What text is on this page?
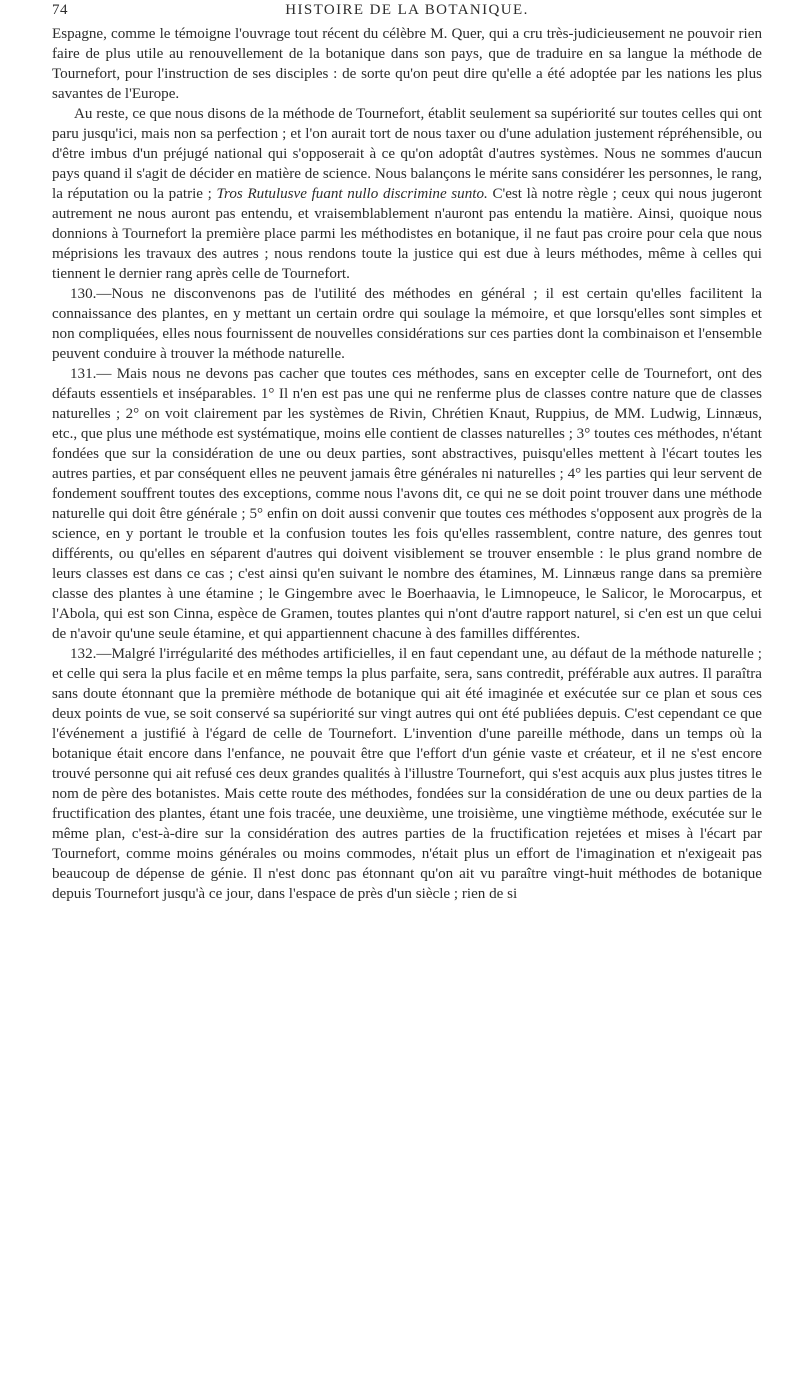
74	HISTOIRE DE LA BOTANIQUE.

Espagne, comme le témoigne l'ouvrage tout récent du célèbre M. Quer, qui a cru très-judicieusement ne pouvoir rien faire de plus utile au renouvellement de la botanique dans son pays, que de traduire en sa langue la méthode de Tournefort, pour l'instruction de ses disciples : de sorte qu'on peut dire qu'elle a été adoptée par les nations les plus savantes de l'Europe.

Au reste, ce que nous disons de la méthode de Tournefort, établit seulement sa supériorité sur toutes celles qui ont paru jusqu'ici, mais non sa perfection ; et l'on aurait tort de nous taxer ou d'une adulation justement répréhensible, ou d'être imbus d'un préjugé national qui s'opposerait à ce qu'on adoptât d'autres systèmes. Nous ne sommes d'aucun pays quand il s'agit de décider en matière de science. Nous balançons le mérite sans considérer les personnes, le rang, la réputation ou la patrie ; Tros Rutulusve fuant nullo discrimine sunto. C'est là notre règle ; ceux qui nous jugeront autrement ne nous auront pas entendu, et vraisemblablement n'auront pas entendu la matière. Ainsi, quoique nous donnions à Tournefort la première place parmi les méthodistes en botanique, il ne faut pas croire pour cela que nous méprisions les travaux des autres ; nous rendons toute la justice qui est due à leurs méthodes, même à celles qui tiennent le dernier rang après celle de Tournefort.

130.—Nous ne disconvenons pas de l'utilité des méthodes en général ; il est certain qu'elles facilitent la connaissance des plantes, en y mettant un certain ordre qui soulage la mémoire, et que lorsqu'elles sont simples et non compliquées, elles nous fournissent de nouvelles considérations sur ces parties dont la combinaison et l'ensemble peuvent conduire à trouver la méthode naturelle.

131.— Mais nous ne devons pas cacher que toutes ces méthodes, sans en excepter celle de Tournefort, ont des défauts essentiels et inséparables. 1° Il n'en est pas une qui ne renferme plus de classes contre nature que de classes naturelles ; 2° on voit clairement par les systèmes de Rivin, Chrétien Knaut, Ruppius, de MM. Ludwig, Linnæus, etc., que plus une méthode est systématique, moins elle contient de classes naturelles ; 3° toutes ces méthodes, n'étant fondées que sur la considération de une ou deux parties, sont abstractives, puisqu'elles mettent à l'écart toutes les autres parties, et par conséquent elles ne peuvent jamais être générales ni naturelles ; 4° les parties qui leur servent de fondement souffrent toutes des exceptions, comme nous l'avons dit, ce qui ne se doit point trouver dans une méthode naturelle qui doit être générale ; 5° enfin on doit aussi convenir que toutes ces méthodes s'opposent aux progrès de la science, en y portant le trouble et la confusion toutes les fois qu'elles rassemblent, contre nature, des genres tout différents, ou qu'elles en séparent d'autres qui doivent visiblement se trouver ensemble : le plus grand nombre de leurs classes est dans ce cas ; c'est ainsi qu'en suivant le nombre des étamines, M. Linnæus range dans sa première classe des plantes à une étamine ; le Gingembre avec le Boerhaavia, le Limnopeuce, le Salicor, le Morocarpus, et l'Abola, qui est son Cinna, espèce de Gramen, toutes plantes qui n'ont d'autre rapport naturel, si c'en est un que celui de n'avoir qu'une seule étamine, et qui appartiennent chacune à des familles différentes.

132.—Malgré l'irrégularité des méthodes artificielles, il en faut cependant une, au défaut de la méthode naturelle ; et celle qui sera la plus facile et en même temps la plus parfaite, sera, sans contredit, préférable aux autres. Il paraîtra sans doute étonnant que la première méthode de botanique qui ait été imaginée et exécutée sur ce plan et sous ces deux points de vue, se soit conservé sa supériorité sur vingt autres qui ont été publiées depuis. C'est cependant ce que l'événement a justifié à l'égard de celle de Tournefort. L'invention d'une pareille méthode, dans un temps où la botanique était encore dans l'enfance, ne pouvait être que l'effort d'un génie vaste et créateur, et il ne s'est encore trouvé personne qui ait refusé ces deux grandes qualités à l'illustre Tournefort, qui s'est acquis aux plus justes titres le nom de père des botanistes. Mais cette route des méthodes, fondées sur la considération de une ou deux parties de la fructification des plantes, étant une fois tracée, une deuxième, une troisième, une vingtième méthode, exécutée sur le même plan, c'est-à-dire sur la considération des autres parties de la fructification rejetées et mises à l'écart par Tournefort, comme moins générales ou moins commodes, n'était plus un effort de l'imagination et n'exigeait pas beaucoup de dépense de génie. Il n'est donc pas étonnant qu'on ait vu paraître vingt-huit méthodes de botanique depuis Tournefort jusqu'à ce jour, dans l'espace de près d'un siècle ; rien de si
